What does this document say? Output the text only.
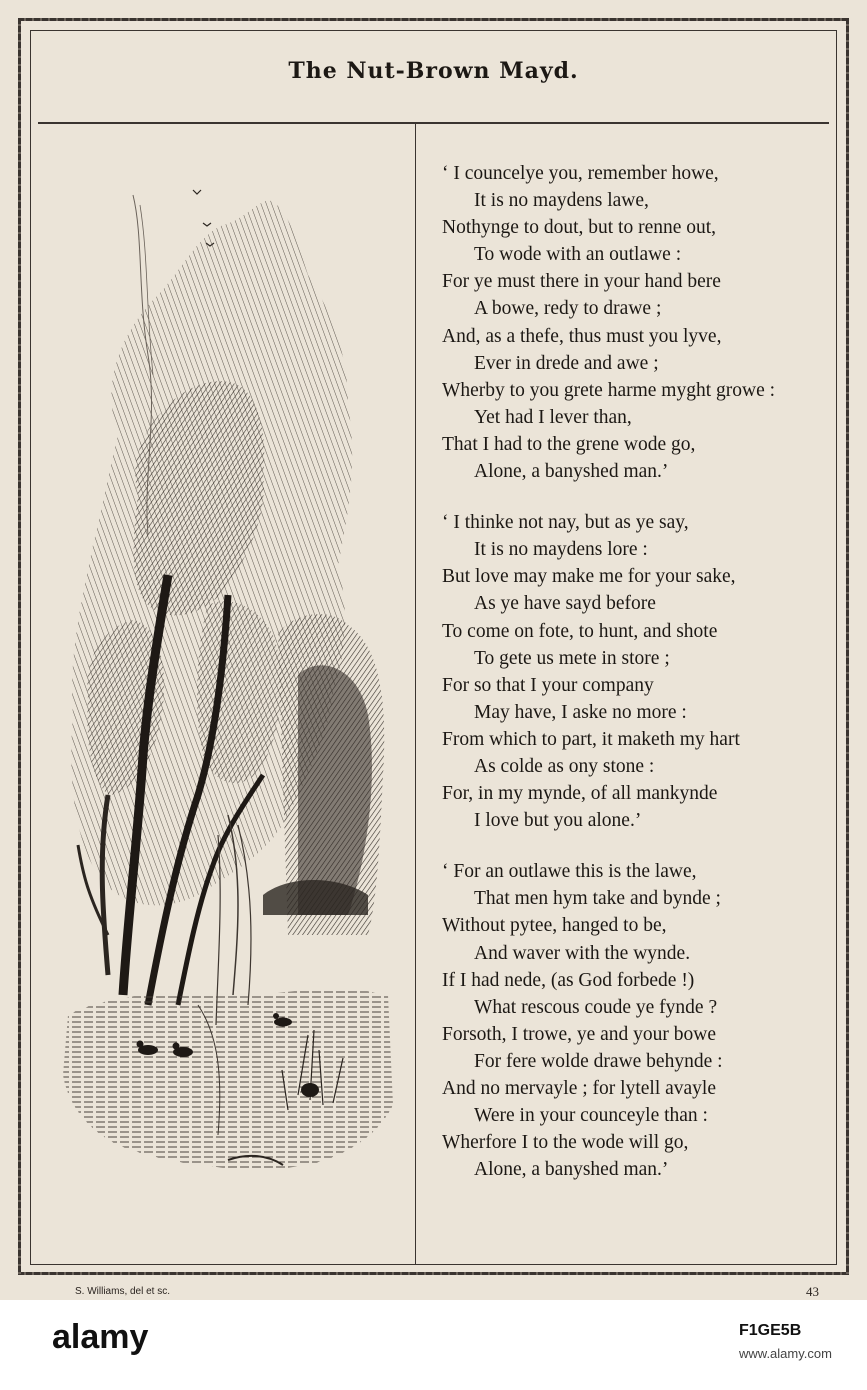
The Nut-Brown Mayd.
‘ I councelye you, remember howe,
It is no maydens lawe,
Nothynge to dout, but to renne out,
To wode with an outlawe :
For ye must there in your hand bere
A bowe, redy to drawe ;
And, as a thefe, thus must you lyve,
Ever in drede and awe ;
Wherby to you grete harme myght growe :
Yet had I lever than,
That I had to the grene wode go,
Alone, a banyshed man.’
‘ I thinke not nay, but as ye say,
It is no maydens lore :
But love may make me for your sake,
As ye have sayd before
To come on fote, to hunt, and shote
To gete us mete in store ;
For so that I your company
May have, I aske no more :
From which to part, it maketh my hart
As colde as ony stone :
For, in my mynde, of all mankynde
I love but you alone.’
‘ For an outlawe this is the lawe,
That men hym take and bynde ;
Without pytee, hanged to be,
And waver with the wynde.
If I had nede, (as God forbede !)
What rescous coude ye fynde ?
Forsoth, I trowe, ye and your bowe
For fere wolde drawe behynde :
And no mervayle ; for lytell avayle
Were in your counceyle than :
Wherfore I to the wode will go,
Alone, a banyshed man.’
S. Williams, del et sc.	43
alamy	F1GE5B
www.alamy.com
